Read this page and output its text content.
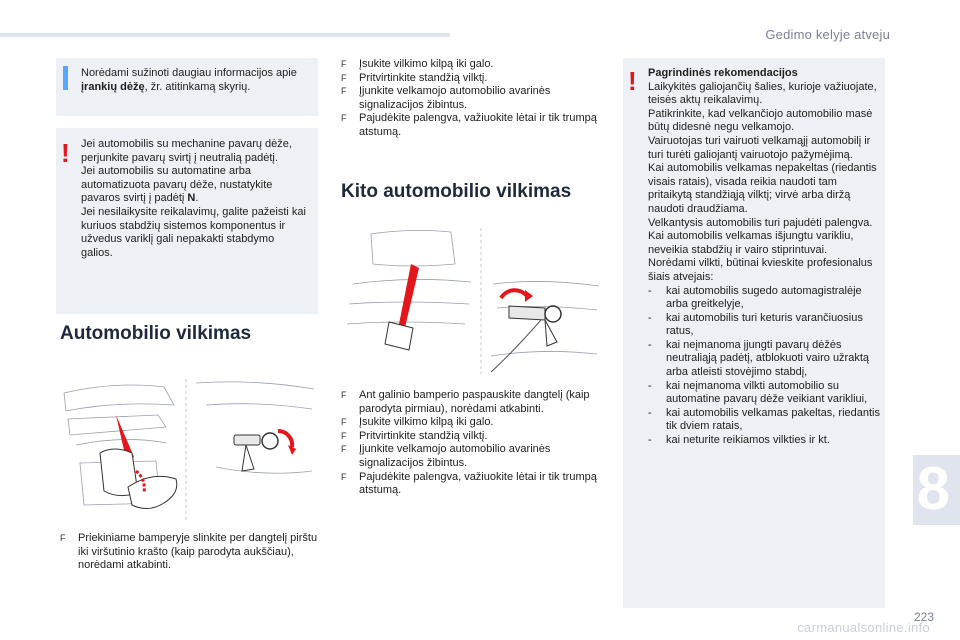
Gedimo kelyje atveju
Norėdami sužinoti daugiau informacijos apie įrankių dėžę, žr. atitinkamą skyrių.
! Jei automobilis su mechanine pavarų dėže, perjunkite pavarų svirtį į neutralią padėtį.
Jei automobilis su automatine arba automatizuota pavarų dėže, nustatykite pavaros svirtį į padėtį N.
Jei nesilaikysite reikalavimų, galite pažeisti kai kuriuos stabdžių sistemos komponentus ir užvedus variklį gali nepakakti stabdymo galios.
Automobilio vilkimas
F	Priekiniame bamperyje slinkite per dangtelį pirštu iki viršutinio krašto (kaip parodyta aukščiau), norėdami atkabinti.
F	Įsukite vilkimo kilpą iki galo.
F	Pritvirtinkite standžią vilktį.
F	Įjunkite velkamojo automobilio avarinės signalizacijos žibintus.
F	Pajudėkite palengva, važiuokite lėtai ir tik trumpą atstumą.
Kito automobilio vilkimas
F	Ant galinio bamperio paspauskite dangtelį (kaip parodyta pirmiau), norėdami atkabinti.
F	Įsukite vilkimo kilpą iki galo.
F	Pritvirtinkite standžią vilktį.
F	Įjunkite velkamojo automobilio avarinės signalizacijos žibintus.
F	Pajudėkite palengva, važiuokite lėtai ir tik trumpą atstumą.
! Pagrindinės rekomendacijos
Laikykitės galiojančių šalies, kurioje važiuojate, teisės aktų reikalavimų.
Patikrinkite, kad velkančiojo automobilio masė būtų didesnė negu velkamojo.
Vairuotojas turi vairuoti velkamąjį automobilį ir turi turėti galiojantį vairuotojo pažymėjimą.
Kai automobilis velkamas nepakeltas (riedantis visais ratais), visada reikia naudoti tam pritaikytą standžiąją vilktį; virvė arba diržą naudoti draudžiama.
Velkantysis automobilis turi pajudėti palengva.
Kai automobilis velkamas išjungtu varikliu, neveikia stabdžių ir vairo stiprintuvai.
Norėdami vilkti, būtinai kvieskite profesionalus šiais atvejais:
- kai automobilis sugedo automagistralėje arba greitkelyje,
- kai automobilis turi keturis varančiuosius ratus,
- kai neįmanoma įjungti pavarų dėžės neutraliąją padėtį, atblokuoti vairo užraktą arba atleisti stovėjimo stabdį,
- kai neįmanoma vilkti automobilio su automatine pavarų dėže veikiant varikliui,
- kai automobilis velkamas pakeltas, riedantis tik dviem ratais,
- kai neturite reikiamos vilkties ir kt.
8
223
carmanualsonline.info
